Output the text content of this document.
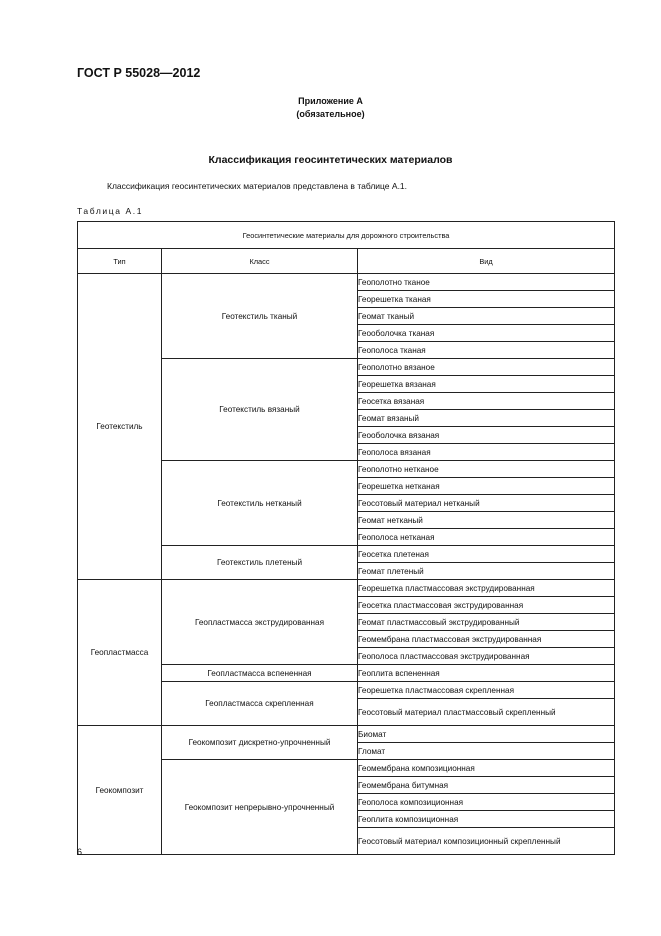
ГОСТ Р 55028—2012
Приложение А
(обязательное)
Классификация геосинтетических материалов
Классификация геосинтетических материалов представлена в таблице А.1.
Таблица А.1
Геосинтетические материалы для дорожного строительства		
Тип	Класс	Вид
Геотекстиль	Геотекстиль тканый	Геополотно тканое
		Георешетка тканая
		Геомат тканый
		Геооболочка тканая
		Геополоса тканая
	Геотекстиль вязаный	Геополотно вязаное
		Георешетка вязаная
		Геосетка вязаная
		Геомат вязаный
		Геооболочка вязаная
		Геополоса вязаная
	Геотекстиль нетканый	Геополотно нетканое
		Георешетка нетканая
		Геосотовый материал нетканый
		Геомат нетканый
		Геополоса нетканая
	Геотекстиль плетеный	Геосетка плетеная
		Геомат плетеный
Геопластмасса	Геопластмасса экструдированная	Георешетка пластмассовая экструдированная
		Геосетка пластмассовая экструдированная
		Геомат пластмассовый экструдированный
		Геомембрана пластмассовая экструдированная
		Геополоса пластмассовая экструдированная
	Геопластмасса вспененная	Геоплита вспененная
	Геопластмасса скрепленная	Георешетка пластмассовая скрепленная
		Геосотовый материал пластмассовый скрепленный
Геокомпозит	Геокомпозит дискретно-упрочненный	Биомат
		Гломат
	Геокомпозит непрерывно-упрочненный	Геомембрана композиционная
		Геомембрана битумная
		Геополоса композиционная
		Геоплита композиционная
		Геосотовый материал композиционный скрепленный
6
